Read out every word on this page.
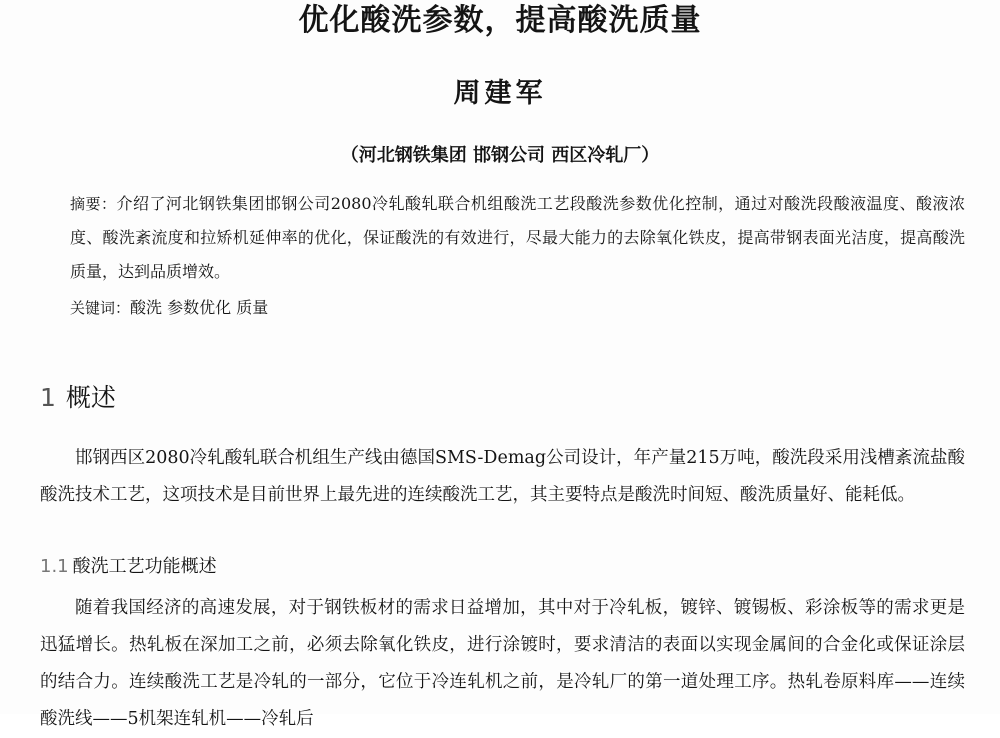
优化酸洗参数，提高酸洗质量
周建军
（河北钢铁集团 邯钢公司 西区冷轧厂）
摘要：介绍了河北钢铁集团邯钢公司2080冷轧酸轧联合机组酸洗工艺段酸洗参数优化控制，通过对酸洗段酸液温度、酸液浓度、酸洗紊流度和拉矫机延伸率的优化，保证酸洗的有效进行，尽最大能力的去除氧化铁皮，提高带钢表面光洁度，提高酸洗质量，达到品质增效。
关键词：酸洗 参数优化 质量
1 概述
邯钢西区2080冷轧酸轧联合机组生产线由德国SMS-Demag公司设计，年产量215万吨，酸洗段采用浅槽紊流盐酸酸洗技术工艺，这项技术是目前世界上最先进的连续酸洗工艺，其主要特点是酸洗时间短、酸洗质量好、能耗低。
1.1 酸洗工艺功能概述
随着我国经济的高速发展，对于钢铁板材的需求日益增加，其中对于冷轧板，镀锌、镀锡板、彩涂板等的需求更是迅猛增长。热轧板在深加工之前，必须去除氧化铁皮，进行涂镀时，要求清洁的表面以实现金属间的合金化或保证涂层的结合力。连续酸洗工艺是冷轧的一部分，它位于冷连轧机之前，是冷轧厂的第一道处理工序。热轧卷原料库——连续酸洗线——5机架连轧机——冷轧后
